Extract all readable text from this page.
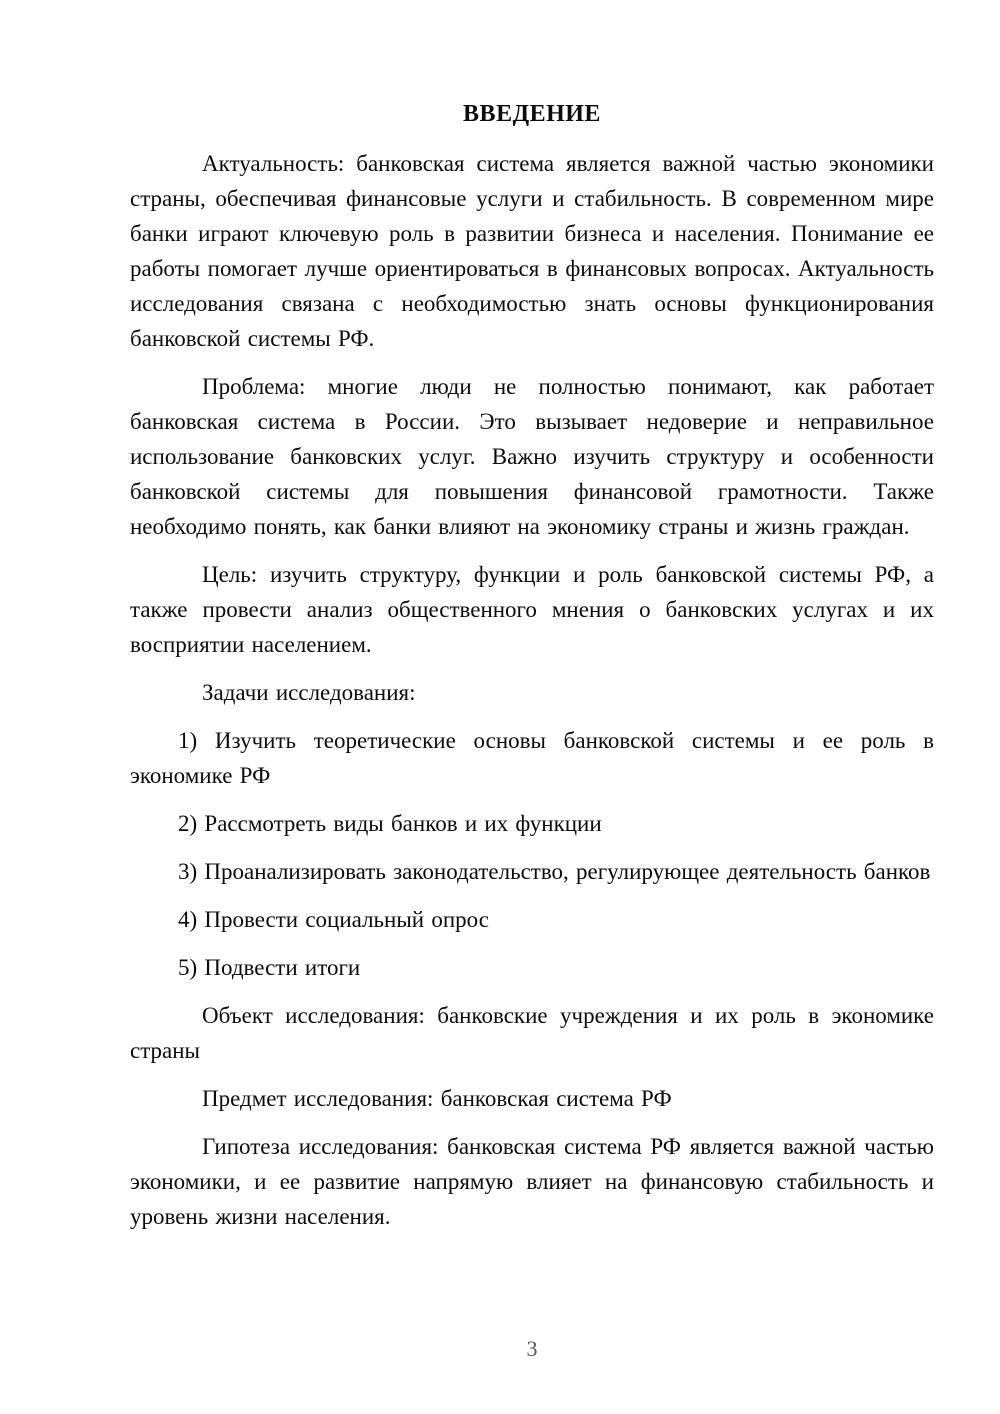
ВВЕДЕНИЕ

Актуальность: банковская система является важной частью экономики страны, обеспечивая финансовые услуги и стабильность. В современном мире банки играют ключевую роль в развитии бизнеса и населения. Понимание ее работы помогает лучше ориентироваться в финансовых вопросах. Актуальность исследования связана с необходимостью знать основы функционирования банковской системы РФ.

Проблема: многие люди не полностью понимают, как работает банковская система в России. Это вызывает недоверие и неправильное использование банковских услуг. Важно изучить структуру и особенности банковской системы для повышения финансовой грамотности. Также необходимо понять, как банки влияют на экономику страны и жизнь граждан.

Цель: изучить структуру, функции и роль банковской системы РФ, а также провести анализ общественного мнения о банковских услугах и их восприятии населением.

Задачи исследования:

1) Изучить теоретические основы банковской системы и ее роль в экономике РФ

2) Рассмотреть виды банков и их функции

3) Проанализировать законодательство, регулирующее деятельность банков

4) Провести социальный опрос

5) Подвести итоги

Объект исследования: банковские учреждения и их роль в экономике страны

Предмет исследования: банковская система РФ

Гипотеза исследования: банковская система РФ является важной частью экономики, и ее развитие напрямую влияет на финансовую стабильность и уровень жизни населения.

3
